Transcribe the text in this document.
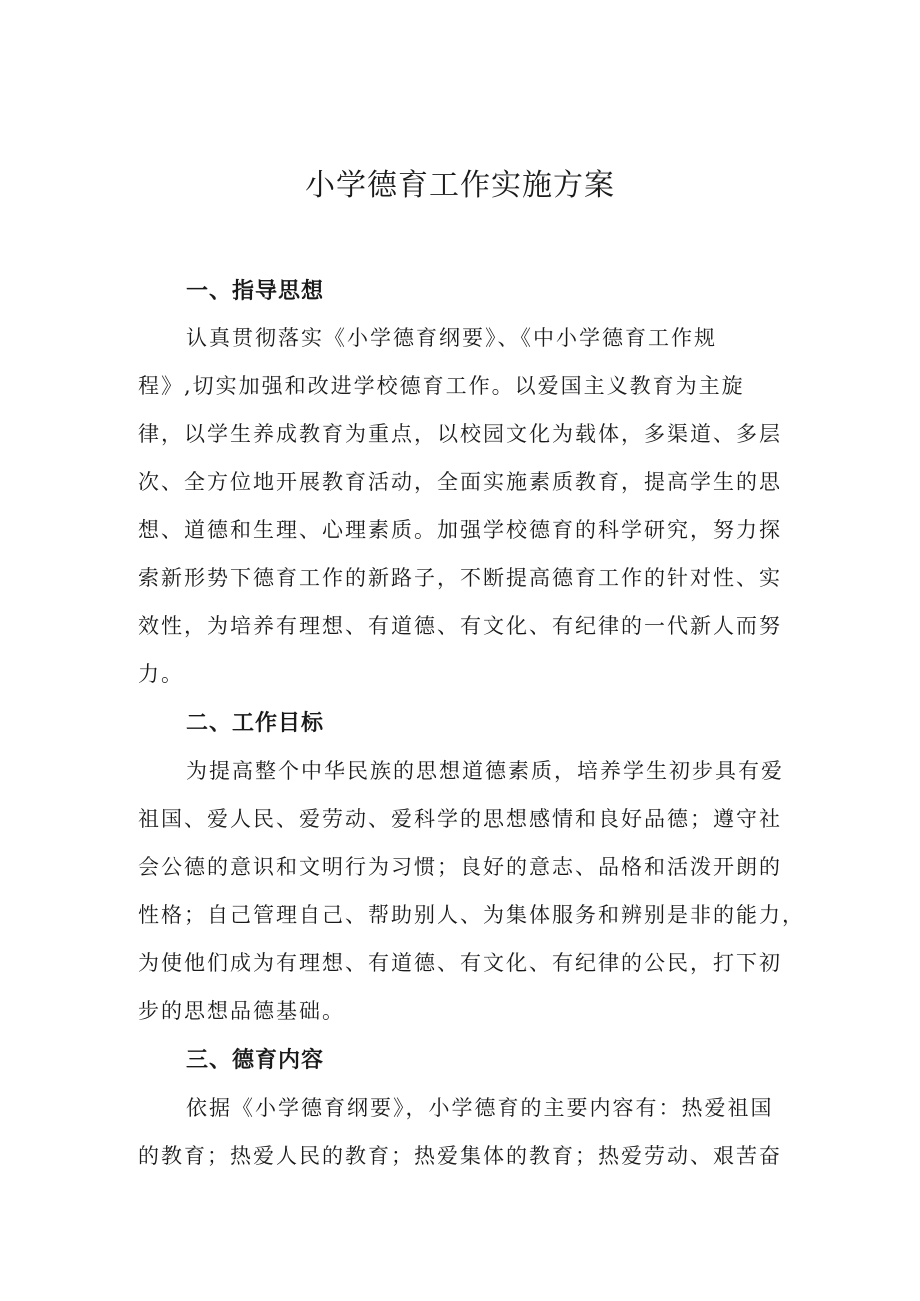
小学德育工作实施方案
一、指导思想

认真贯彻落实《小学德育纲要》、《中小学德育工作规

程》,切实加强和改进学校德育工作。以爱国主义教育为主旋

律，以学生养成教育为重点，以校园文化为载体，多渠道、多层

次、全方位地开展教育活动，全面实施素质教育，提高学生的思

想、道德和生理、心理素质。加强学校德育的科学研究，努力探

索新形势下德育工作的新路子，不断提高德育工作的针对性、实

效性，为培养有理想、有道德、有文化、有纪律的一代新人而努

力。

二、工作目标

为提高整个中华民族的思想道德素质，培养学生初步具有爱

祖国、爱人民、爱劳动、爱科学的思想感情和良好品德；遵守社

会公德的意识和文明行为习惯；良好的意志、品格和活泼开朗的

性格；自己管理自己、帮助别人、为集体服务和辨别是非的能力，

为使他们成为有理想、有道德、有文化、有纪律的公民，打下初

步的思想品德基础。

三、德育内容

依据《小学德育纲要》，小学德育的主要内容有：热爱祖国

的教育；热爱人民的教育；热爱集体的教育；热爱劳动、艰苦奋
